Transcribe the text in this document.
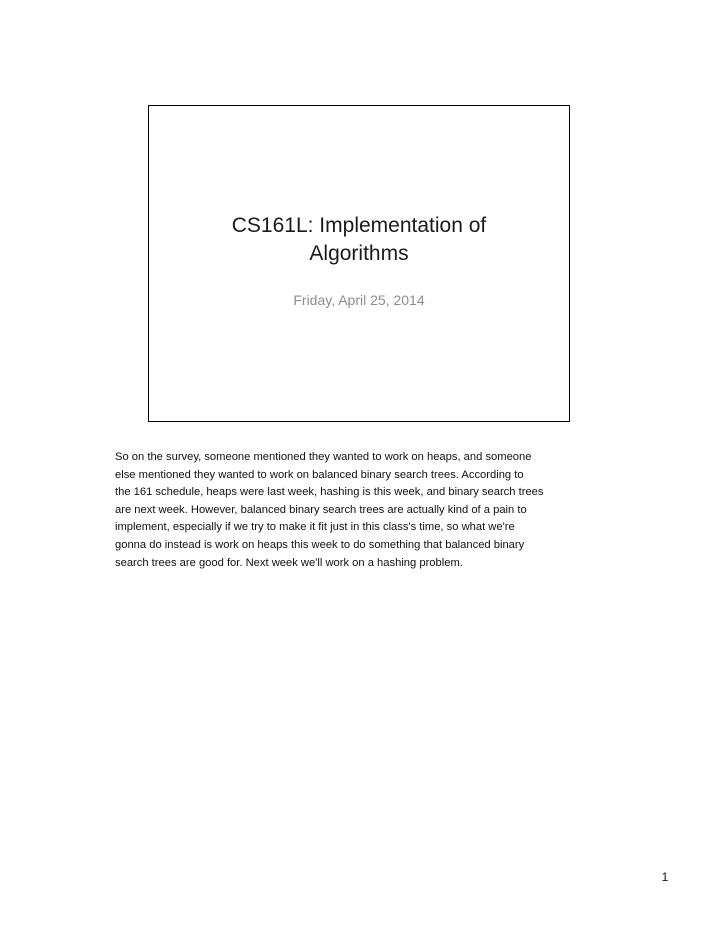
CS161L: Implementation of
Algorithms

Friday, April 25, 2014

So on the survey, someone mentioned they wanted to work on heaps, and someone
else mentioned they wanted to work on balanced binary search trees. According to
the 161 schedule, heaps were last week, hashing is this week, and binary search trees
are next week. However, balanced binary search trees are actually kind of a pain to
implement, especially if we try to make it fit just in this class's time, so what we're
gonna do instead is work on heaps this week to do something that balanced binary
search trees are good for. Next week we'll work on a hashing problem.
1
